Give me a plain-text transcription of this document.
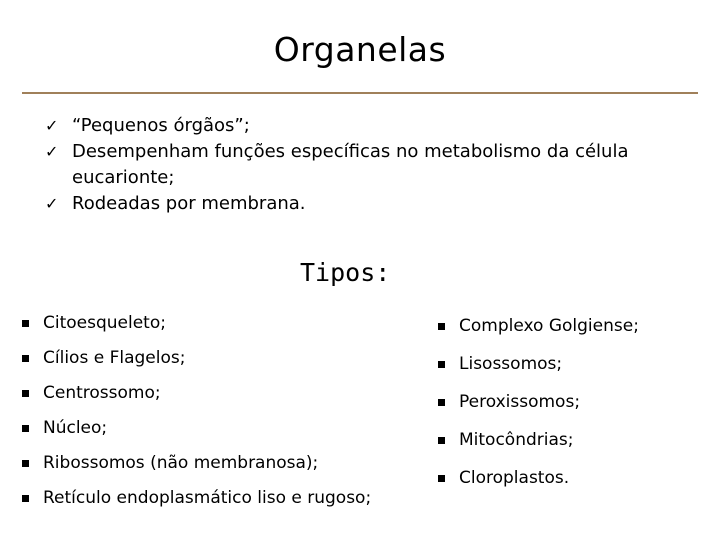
Organelas
✓ “Pequenos órgãos”;
✓ Desempenham funções específicas no metabolismo da célula
eucarionte;
✓ Rodeadas por membrana.
Tipos:
Citoesqueleto;
Cílios e Flagelos;
Centrossomo;
Núcleo;
Ribossomos (não membranosa);
Retículo endoplasmático liso e rugoso;
Complexo Golgiense;
Lisossomos;
Peroxissomos;
Mitocôndrias;
Cloroplastos.
